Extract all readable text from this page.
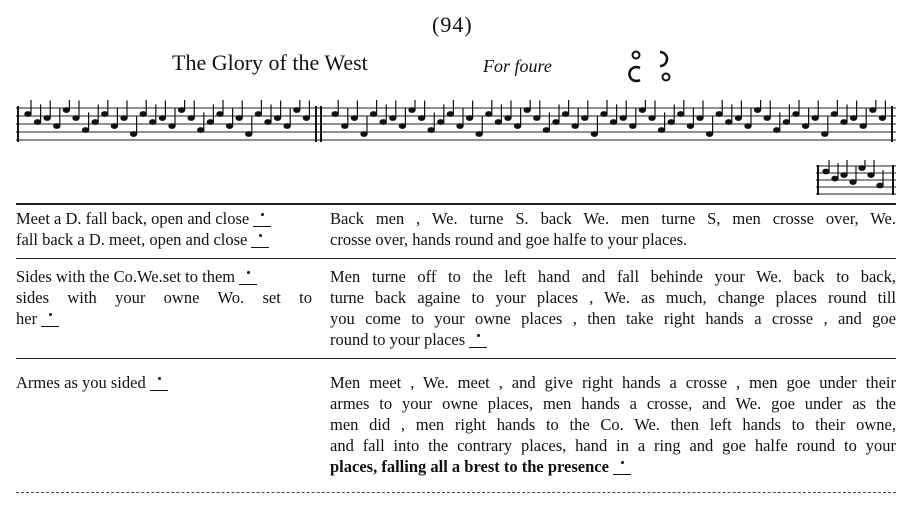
(94)
The Glory of the West	For foure
Meet a D. fall back, open and close
fall back a D. meet, open and close
Back men , We. turne S. back We. men turne S, men crosse over, We.
crosse over, hands round and goe halfe to your places.
Sides with the Co.We.set to them
sides with your owne Wo. set to
her
Men turne off to the left hand and fall behinde your We. back to back,
turne back againe to your places , We. as much, change places round till
you come to your owne places , then take right hands a crosse , and goe
round to your places
Armes as you sided	Men meet , We. meet , and give right hands a crosse , men goe under their
armes to your owne places, men hands a crosse, and We. goe under as the
men did , men right hands to the Co. We. then left hands to their owne,
and fall into the contrary places, hand in a ring and goe halfe round to your
places, falling all a brest to the presence
